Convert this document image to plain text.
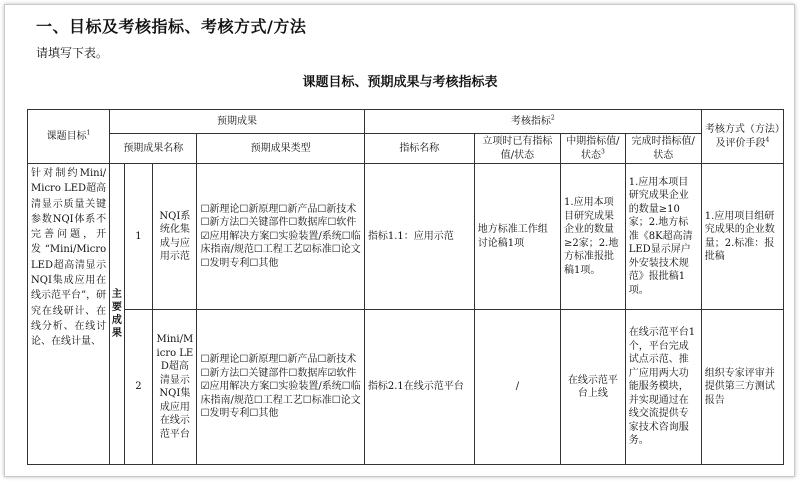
一、目标及考核指标、考核方式/方法
请填写下表。
课题目标、预期成果与考核指标表
课题目标$^1$	预期成果				考核指标$^2$				考核方式（方法）及评价手段$^4$
	预期成果名称			预期成果类型	指标名称	立项时已有指标值/状态	中期指标值/状态$^3$	完成时指标值/状态	
针对制约Mini/Micro LED超高清显示质量关键参数NQI体系不完善问题，开发“Mini/Micro LED超高清显示NQI集成应用在线示范平台”，研究在线研计、在线分析、在线讨论、在线计量、	主要成果	1	NQI系统化集成与应用示范	☐新理论☐新原理☐新产品☐新技术☐新方法☐关键部件☐数据库☐软件☑应用解决方案☐实验装置/系统☐临床指南/规范☐工程工艺☑标准☐论文☐发明专利☐其他	指标1.1：应用示范	地方标准工作组讨论稿1项	1.应用本项目研究成果企业的数量≥2家；2.地方标准报批稿1项。	1.应用本项目研究成果企业的数量≥10家；2.地方标准《8K超高清LED显示屏户外安装技术规范》报批稿1项。	1.应用项目组研究成果的企业数量；2.标准：报批稿
		2	Mini/Micro LED超高清显示NQI集成应用在线示范平台	☐新理论☐新原理☐新产品☐新技术☐新方法☐关键部件☐数据库☑软件☑应用解决方案☐实验装置/系统☐临床指南/规范☐工程工艺☐标准☐论文☐发明专利☐其他	指标2.1在线示范平台	/	在线示范平台上线	在线示范平台1个，平台完成试点示范、推广应用两大功能服务模块，并实现通过在线交流提供专家技术咨询服务。	组织专家评审并提供第三方测试报告
